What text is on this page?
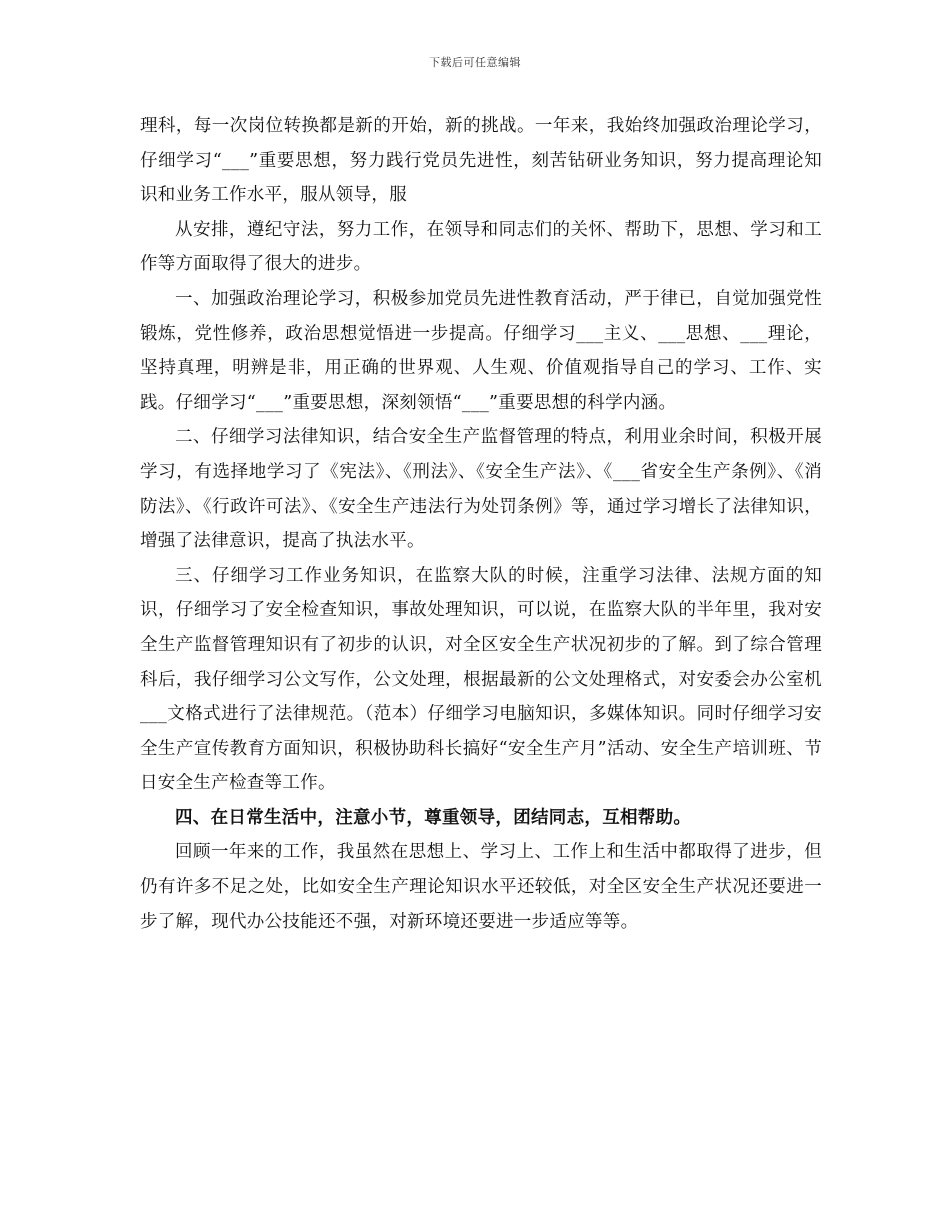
下载后可任意编辑

理科，每一次岗位转换都是新的开始，新的挑战。一年来，我始终加强政治理论学习，仔细学习“___”重要思想，努力践行党员先进性，刻苦钻研业务知识，努力提高理论知识和业务工作水平，服从领导，服

从安排，遵纪守法，努力工作，在领导和同志们的关怀、帮助下，思想、学习和工作等方面取得了很大的进步。

一、加强政治理论学习，积极参加党员先进性教育活动，严于律已，自觉加强党性锻炼，党性修养，政治思想觉悟进一步提高。仔细学习___主义、___思想、___理论，坚持真理，明辨是非，用正确的世界观、人生观、价值观指导自己的学习、工作、实践。仔细学习“___”重要思想，深刻领悟“___”重要思想的科学内涵。

二、仔细学习法律知识，结合安全生产监督管理的特点，利用业余时间，积极开展学习，有选择地学习了《宪法》、《刑法》、《安全生产法》、《___省安全生产条例》、《消防法》、《行政许可法》、《安全生产违法行为处罚条例》等，通过学习增长了法律知识，增强了法律意识，提高了执法水平。

三、仔细学习工作业务知识，在监察大队的时候，注重学习法律、法规方面的知识，仔细学习了安全检查知识，事故处理知识，可以说，在监察大队的半年里，我对安全生产监督管理知识有了初步的认识，对全区安全生产状况初步的了解。到了综合管理科后，我仔细学习公文写作，公文处理，根据最新的公文处理格式，对安委会办公室机___文格式进行了法律规范。（范本）仔细学习电脑知识，多媒体知识。同时仔细学习安全生产宣传教育方面知识，积极协助科长搞好“安全生产月”活动、安全生产培训班、节日安全生产检查等工作。

四、在日常生活中，注意小节，尊重领导，团结同志，互相帮助。

回顾一年来的工作，我虽然在思想上、学习上、工作上和生活中都取得了进步，但仍有许多不足之处，比如安全生产理论知识水平还较低，对全区安全生产状况还要进一步了解，现代办公技能还不强，对新环境还要进一步适应等等。
